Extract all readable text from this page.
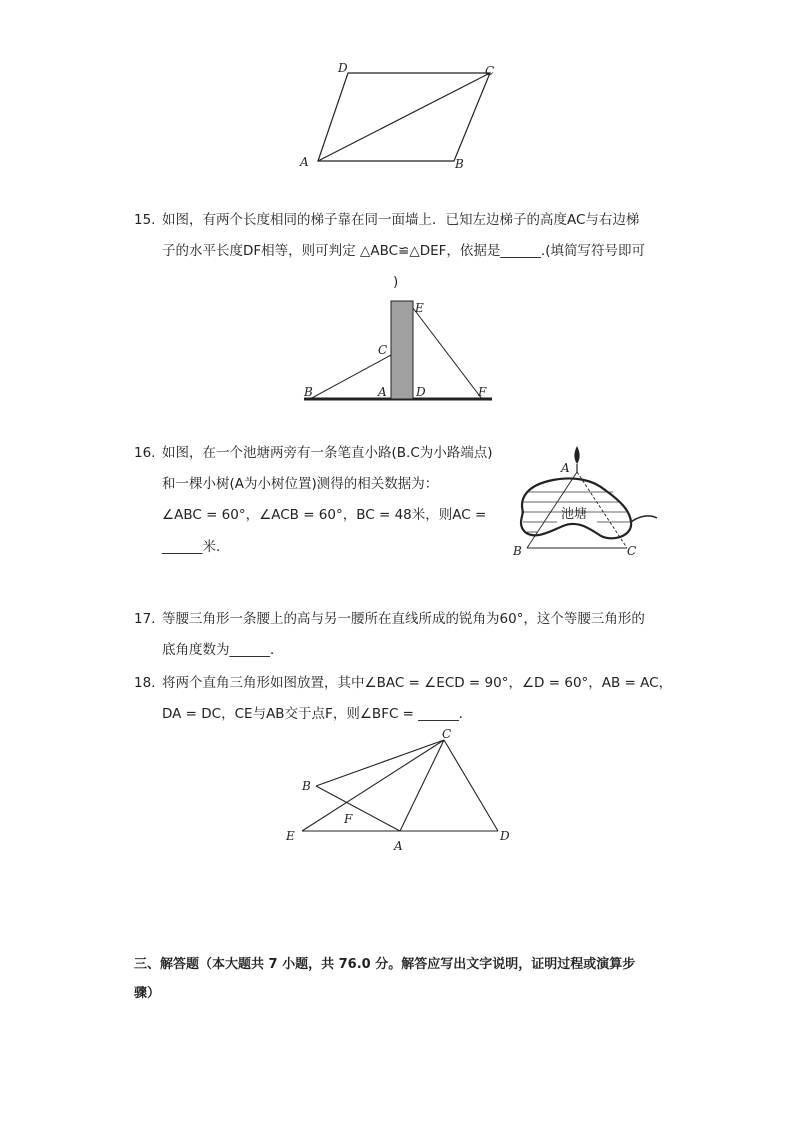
D	C
A	B
15. 如图，有两个长度相同的梯子靠在同一面墙上．已知左边梯子的高度AC与右边梯
子的水平长度DF相等，则可判定 △ABC≌△DEF，依据是______.(填简写符号即可
)
E
C
B	A D	F
16. 如图，在一个池塘两旁有一条笔直小路(B.C为小路端点)
和一棵小树(A为小树位置)测得的相关数据为：
∠ABC = 60°，∠ACB = 60°，BC = 48米，则AC =
______米．
A
B	C
池塘
17. 等腰三角形一条腰上的高与另一腰所在直线所成的锐角为60°，这个等腰三角形的
底角度数为______．
18. 将两个直角三角形如图放置，其中∠BAC = ∠ECD = 90°，∠D = 60°，AB = AC，
DA = DC，CE与AB交于点F，则∠BFC = ______．
C
B
F
E
A
D
三、解答题（本大题共 7 小题，共 76.0 分。解答应写出文字说明，证明过程或演算步
骤）
